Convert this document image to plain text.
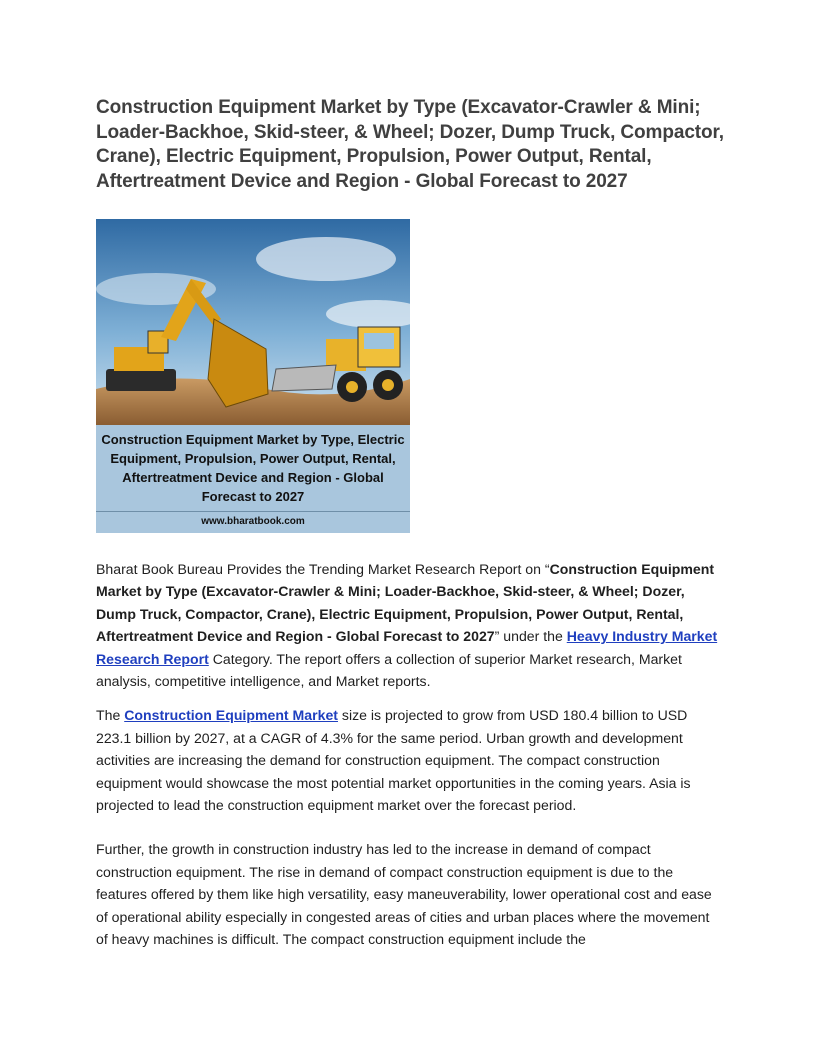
Construction Equipment Market by Type (Excavator-Crawler & Mini; Loader-Backhoe, Skid-steer, & Wheel; Dozer, Dump Truck, Compactor, Crane), Electric Equipment, Propulsion, Power Output, Rental, Aftertreatment Device and Region - Global Forecast to 2027
Construction Equipment Market by Type, Electric Equipment, Propulsion, Power Output, Rental, Aftertreatment Device and Region - Global Forecast to 2027
www.bharatbook.com

Bharat Book Bureau Provides the Trending Market Research Report on “Construction Equipment Market by Type (Excavator-Crawler & Mini; Loader-Backhoe, Skid-steer, & Wheel; Dozer, Dump Truck, Compactor, Crane), Electric Equipment, Propulsion, Power Output, Rental, Aftertreatment Device and Region - Global Forecast to 2027” under the Heavy Industry Market Research Report Category. The report offers a collection of superior Market research, Market analysis, competitive intelligence, and Market reports.

The Construction Equipment Market size is projected to grow from USD 180.4 billion to USD 223.1 billion by 2027, at a CAGR of 4.3% for the same period. Urban growth and development activities are increasing the demand for construction equipment. The compact construction equipment would showcase the most potential market opportunities in the coming years. Asia is projected to lead the construction equipment market over the forecast period.

Further, the growth in construction industry has led to the increase in demand of compact construction equipment. The rise in demand of compact construction equipment is due to the features offered by them like high versatility, easy maneuverability, lower operational cost and ease of operational ability especially in congested areas of cities and urban places where the movement of heavy machines is difficult. The compact construction equipment include the
